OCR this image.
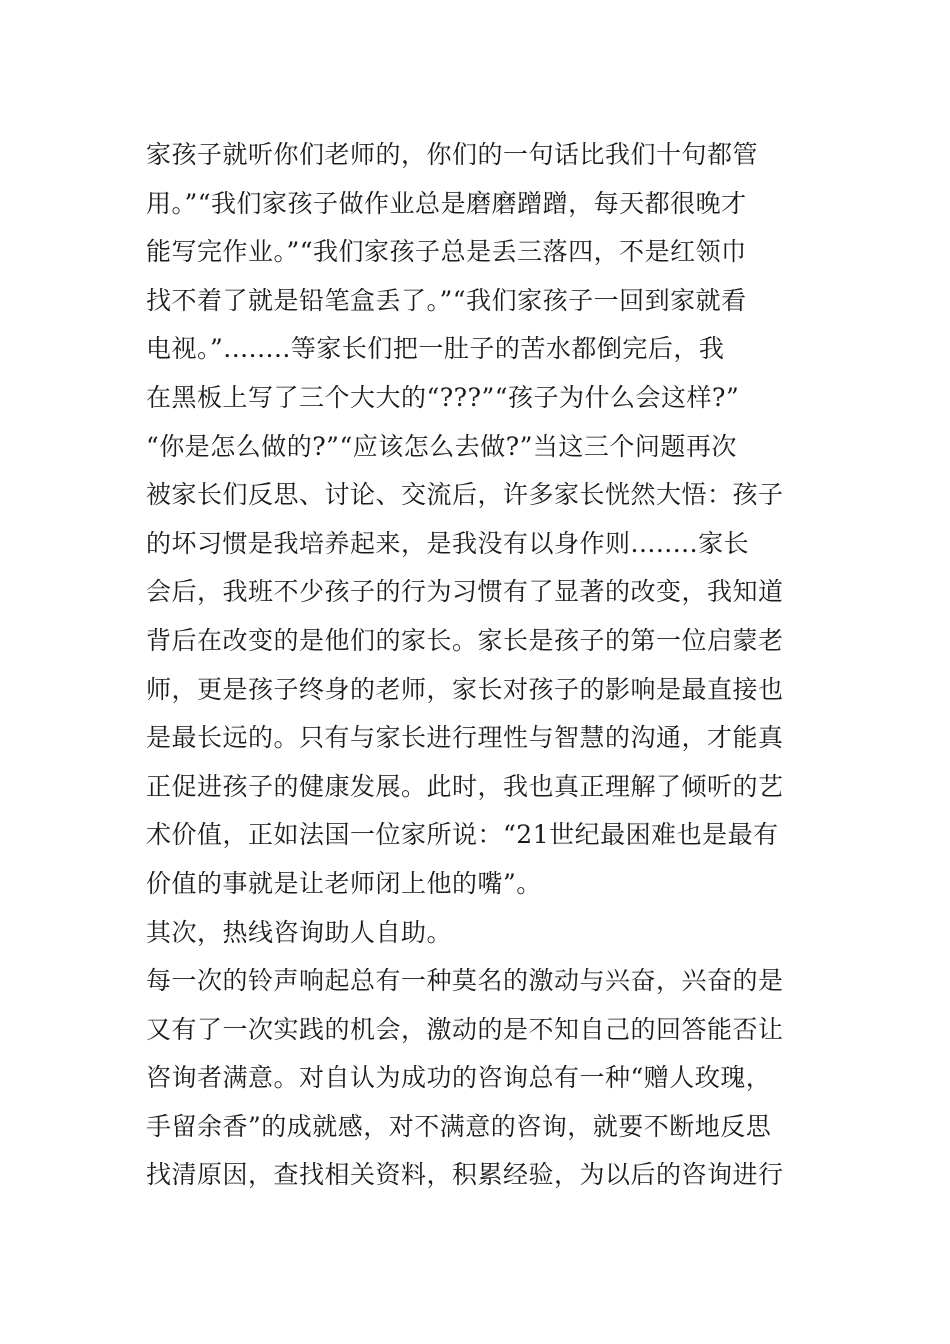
家孩子就听你们老师的，你们的一句话比我们十句都管
用。”“我们家孩子做作业总是磨磨蹭蹭，每天都很晚才
能写完作业。”“我们家孩子总是丢三落四，不是红领巾
找不着了就是铅笔盒丢了。”“我们家孩子一回到家就看
电视。”........等家长们把一肚子的苦水都倒完后，我
在黑板上写了三个大大的“???”“孩子为什么会这样?”
“你是怎么做的?”“应该怎么去做?”当这三个问题再次
被家长们反思、讨论、交流后，许多家长恍然大悟：孩子
的坏习惯是我培养起来，是我没有以身作则........家长
会后，我班不少孩子的行为习惯有了显著的改变，我知道
背后在改变的是他们的家长。家长是孩子的第一位启蒙老
师，更是孩子终身的老师，家长对孩子的影响是最直接也
是最长远的。只有与家长进行理性与智慧的沟通，才能真
正促进孩子的健康发展。此时，我也真正理解了倾听的艺
术价值，正如法国一位家所说：“21世纪最困难也是最有
价值的事就是让老师闭上他的嘴”。
其次，热线咨询助人自助。
每一次的铃声响起总有一种莫名的激动与兴奋，兴奋的是
又有了一次实践的机会，激动的是不知自己的回答能否让
咨询者满意。对自认为成功的咨询总有一种“赠人玫瑰，
手留余香”的成就感，对不满意的咨询，就要不断地反思
找清原因，查找相关资料，积累经验，为以后的咨询进行
